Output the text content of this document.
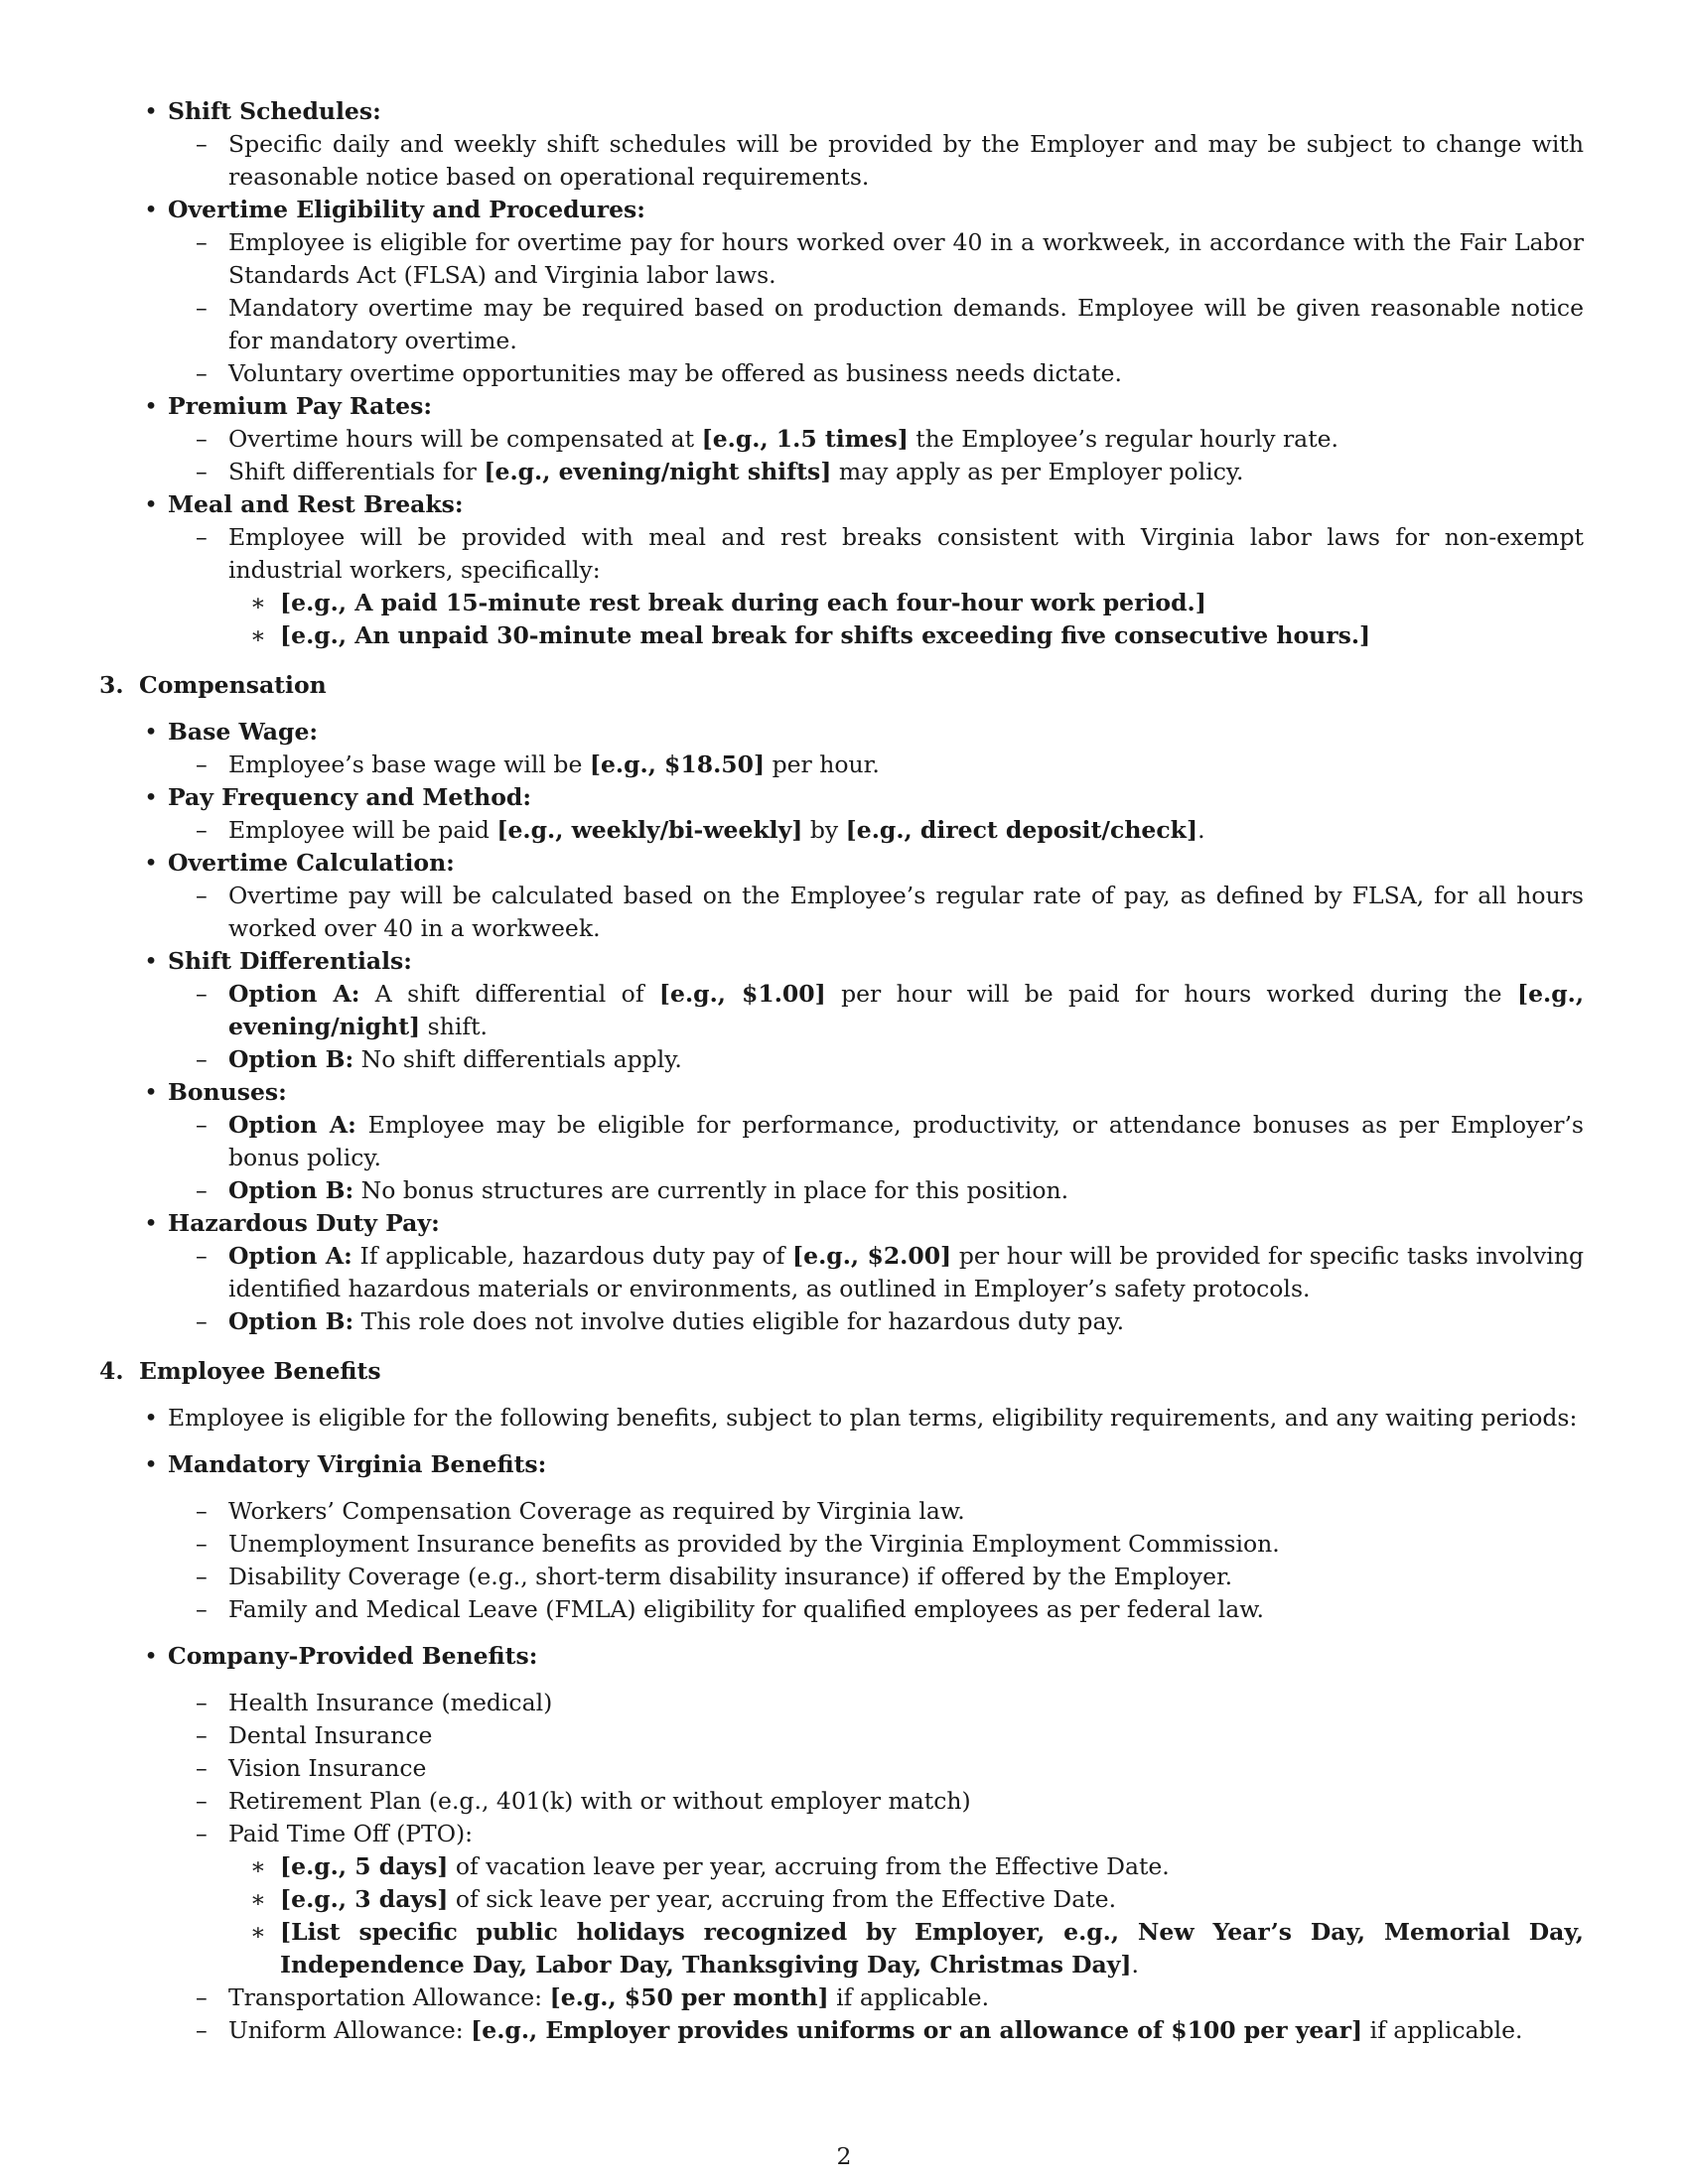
• Shift Schedules:
– Specific daily and weekly shift schedules will be provided by the Employer and may be subject to change with reasonable notice based on operational requirements.
• Overtime Eligibility and Procedures:
– Employee is eligible for overtime pay for hours worked over 40 in a workweek, in accordance with the Fair Labor Standards Act (FLSA) and Virginia labor laws.
– Mandatory overtime may be required based on production demands. Employee will be given reasonable notice for mandatory overtime.
– Voluntary overtime opportunities may be offered as business needs dictate.
• Premium Pay Rates:
– Overtime hours will be compensated at [e.g., 1.5 times] the Employee’s regular hourly rate.
– Shift differentials for [e.g., evening/night shifts] may apply as per Employer policy.
• Meal and Rest Breaks:
– Employee will be provided with meal and rest breaks consistent with Virginia labor laws for non-exempt industrial workers, specifically:
∗ [e.g., A paid 15-minute rest break during each four-hour work period.]
∗ [e.g., An unpaid 30-minute meal break for shifts exceeding five consecutive hours.]
3. Compensation
• Base Wage:
– Employee’s base wage will be [e.g., $18.50] per hour.
• Pay Frequency and Method:
– Employee will be paid [e.g., weekly/bi-weekly] by [e.g., direct deposit/check].
• Overtime Calculation:
– Overtime pay will be calculated based on the Employee’s regular rate of pay, as defined by FLSA, for all hours worked over 40 in a workweek.
• Shift Differentials:
– Option A: A shift differential of [e.g., $1.00] per hour will be paid for hours worked during the [e.g., evening/night] shift.
– Option B: No shift differentials apply.
• Bonuses:
– Option A: Employee may be eligible for performance, productivity, or attendance bonuses as per Employer’s bonus policy.
– Option B: No bonus structures are currently in place for this position.
• Hazardous Duty Pay:
– Option A: If applicable, hazardous duty pay of [e.g., $2.00] per hour will be provided for specific tasks involving identified hazardous materials or environments, as outlined in Employer’s safety protocols.
– Option B: This role does not involve duties eligible for hazardous duty pay.
4. Employee Benefits
• Employee is eligible for the following benefits, subject to plan terms, eligibility requirements, and any waiting periods:
• Mandatory Virginia Benefits:
– Workers’ Compensation Coverage as required by Virginia law.
– Unemployment Insurance benefits as provided by the Virginia Employment Commission.
– Disability Coverage (e.g., short-term disability insurance) if offered by the Employer.
– Family and Medical Leave (FMLA) eligibility for qualified employees as per federal law.
• Company-Provided Benefits:
– Health Insurance (medical)
– Dental Insurance
– Vision Insurance
– Retirement Plan (e.g., 401(k) with or without employer match)
– Paid Time Off (PTO):
∗ [e.g., 5 days] of vacation leave per year, accruing from the Effective Date.
∗ [e.g., 3 days] of sick leave per year, accruing from the Effective Date.
∗ [List specific public holidays recognized by Employer, e.g., New Year’s Day, Memorial Day, Independence Day, Labor Day, Thanksgiving Day, Christmas Day].
– Transportation Allowance: [e.g., $50 per month] if applicable.
– Uniform Allowance: [e.g., Employer provides uniforms or an allowance of $100 per year] if applicable.
2
